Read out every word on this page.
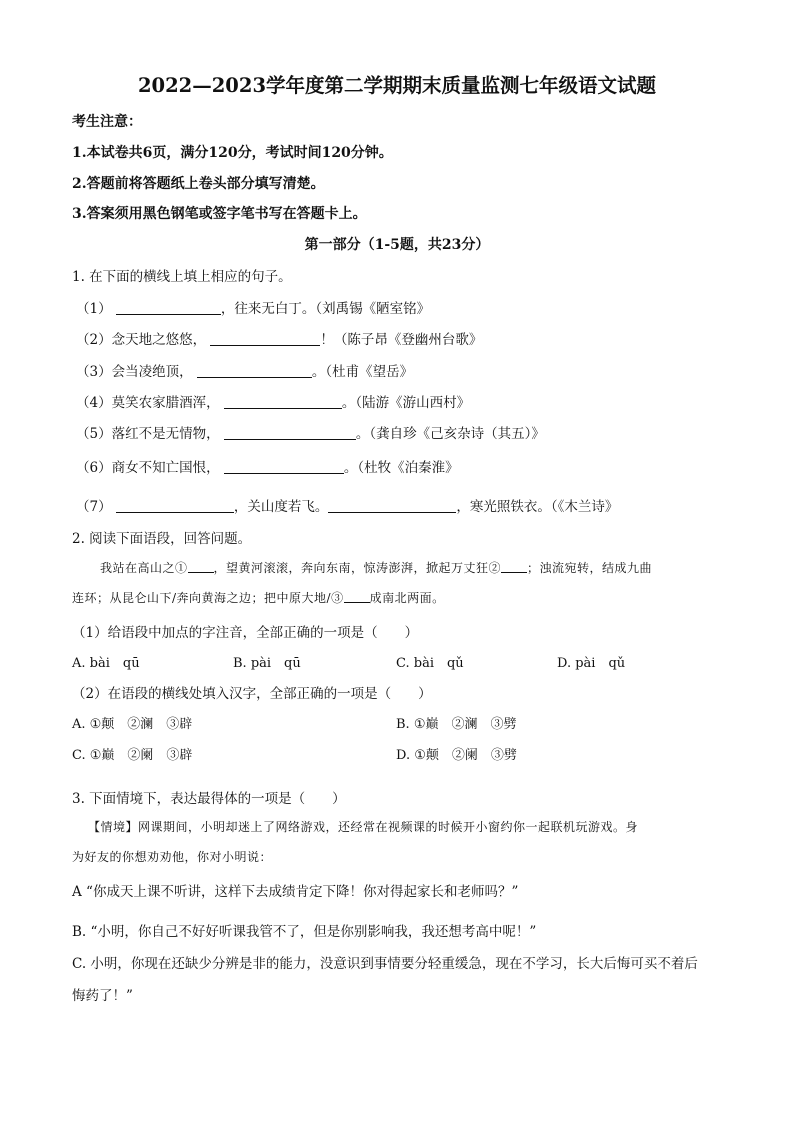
2022—2023学年度第二学期期末质量监测七年级语文试题
考生注意：
1.本试卷共6页，满分120分，考试时间120分钟。
2.答题前将答题纸上卷头部分填写清楚。
3.答案须用黑色钢笔或签字笔书写在答题卡上。
第一部分（1-5题，共23分）
1. 在下面的横线上填上相应的句子。
（1）	，往来无白丁。（刘禹锡《陋室铭》
（2）念天地之悠悠，	！（陈子昂《登幽州台歌》
（3）会当凌绝顶，	。（杜甫《望岳》
（4）莫笑农家腊酒浑，	。（陆游《游山西村》
（5）落红不是无情物，	。（龚自珍《己亥杂诗（其五）》
（6）商女不知亡国恨，	。（杜牧《泊秦淮》
（7）	，关山度若飞。	，寒光照铁衣。（《木兰诗》
2. 阅读下面语段，回答问题。
我站在高山之① ，望黄河滚滚，奔向东南，惊涛澎湃，掀起万丈狂② ；浊流宛转，结成九曲
连环；从昆仑山下/奔向黄海之边；把中原大地/③ 成南北两面。
（1）给语段中加点的字注音，全部正确的一项是（　　）
A. bài　qū	B. pài　qū	C. bài　qǔ	D. pài　qǔ
（2）在语段的横线处填入汉字，全部正确的一项是（　　）
A. ①颠　②澜　③辟	B. ①巅　②澜　③劈
C. ①巅　②阑　③辟	D. ①颠　②阑　③劈
3. 下面情境下，表达最得体的一项是（　　）
【情境】网课期间，小明却迷上了网络游戏，还经常在视频课的时候开小窗约你一起联机玩游戏。身
为好友的你想劝劝他，你对小明说：
A “你成天上课不听讲，这样下去成绩肯定下降！你对得起家长和老师吗？”
B. “小明，你自己不好好听课我管不了，但是你别影响我，我还想考高中呢！”
C. 小明，你现在还缺少分辨是非的能力，没意识到事情要分轻重缓急，现在不学习，长大后悔可买不着后
悔药了！”
